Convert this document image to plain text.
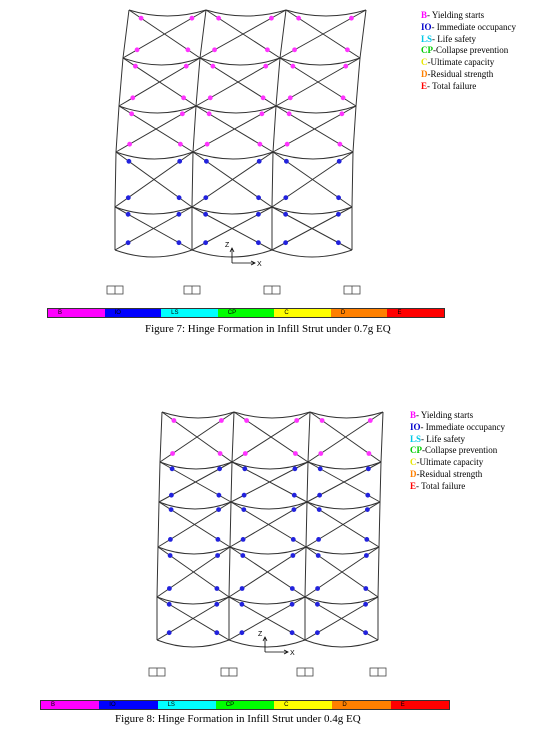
Z
X
Z
X
B- Yielding starts
IO- Immediate occupancy
LS- Life safety
CP-Collapse prevention
C-Ultimate capacity
D-Residual strength
E- Total failure
B	IO	LS	CP	C	D	E
Figure 7: Hinge Formation in Infill Strut under 0.7g EQ
B- Yielding starts
IO- Immediate occupancy
LS- Life safety
CP-Collapse prevention
C-Ultimate capacity
D-Residual strength
E- Total failure
B	IO	LS	CP	C	D	E
Figure 8: Hinge Formation in Infill Strut under 0.4g EQ
